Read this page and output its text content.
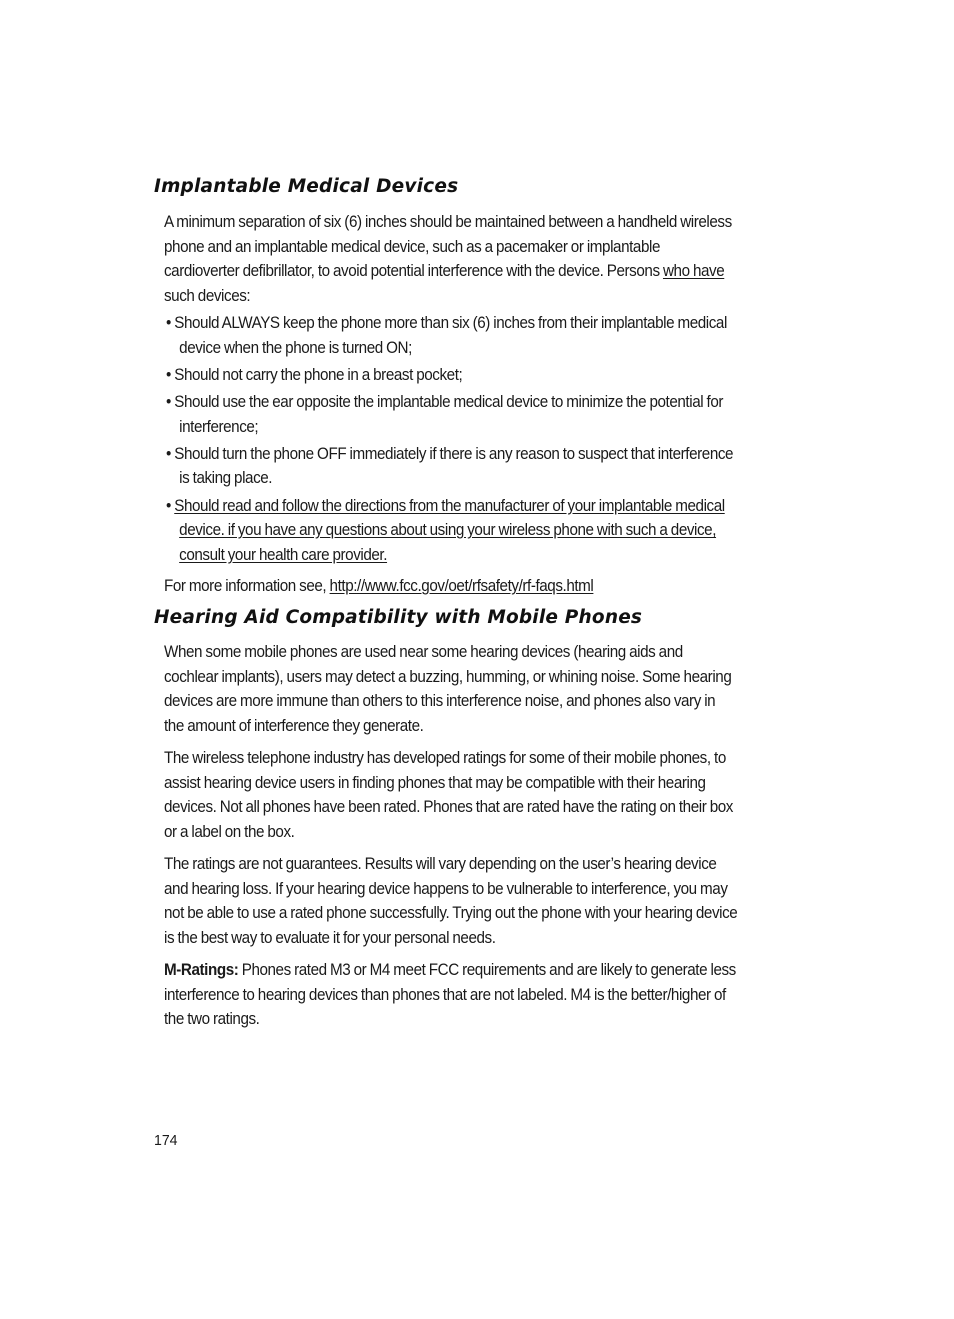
Implantable Medical Devices

A minimum separation of six (6) inches should be maintained between a handheld wireless phone and an implantable medical device, such as a pacemaker or implantable cardioverter defibrillator, to avoid potential interference with the device. Persons who have such devices:

• Should ALWAYS keep the phone more than six (6) inches from their implantable medical device when the phone is turned ON;

• Should not carry the phone in a breast pocket;

• Should use the ear opposite the implantable medical device to minimize the potential for interference;

• Should turn the phone OFF immediately if there is any reason to suspect that interference is taking place.

• Should read and follow the directions from the manufacturer of your implantable medical device. if you have any questions about using your wireless phone with such a device, consult your health care provider.

For more information see, http://www.fcc.gov/oet/rfsafety/rf-faqs.html

Hearing Aid Compatibility with Mobile Phones

When some mobile phones are used near some hearing devices (hearing aids and cochlear implants), users may detect a buzzing, humming, or whining noise. Some hearing devices are more immune than others to this interference noise, and phones also vary in the amount of interference they generate.

The wireless telephone industry has developed ratings for some of their mobile phones, to assist hearing device users in finding phones that may be compatible with their hearing devices. Not all phones have been rated. Phones that are rated have the rating on their box or a label on the box.

The ratings are not guarantees. Results will vary depending on the user’s hearing device and hearing loss. If your hearing device happens to be vulnerable to interference, you may not be able to use a rated phone successfully. Trying out the phone with your hearing device is the best way to evaluate it for your personal needs.

M-Ratings: Phones rated M3 or M4 meet FCC requirements and are likely to generate less interference to hearing devices than phones that are not labeled. M4 is the better/higher of the two ratings.

174
